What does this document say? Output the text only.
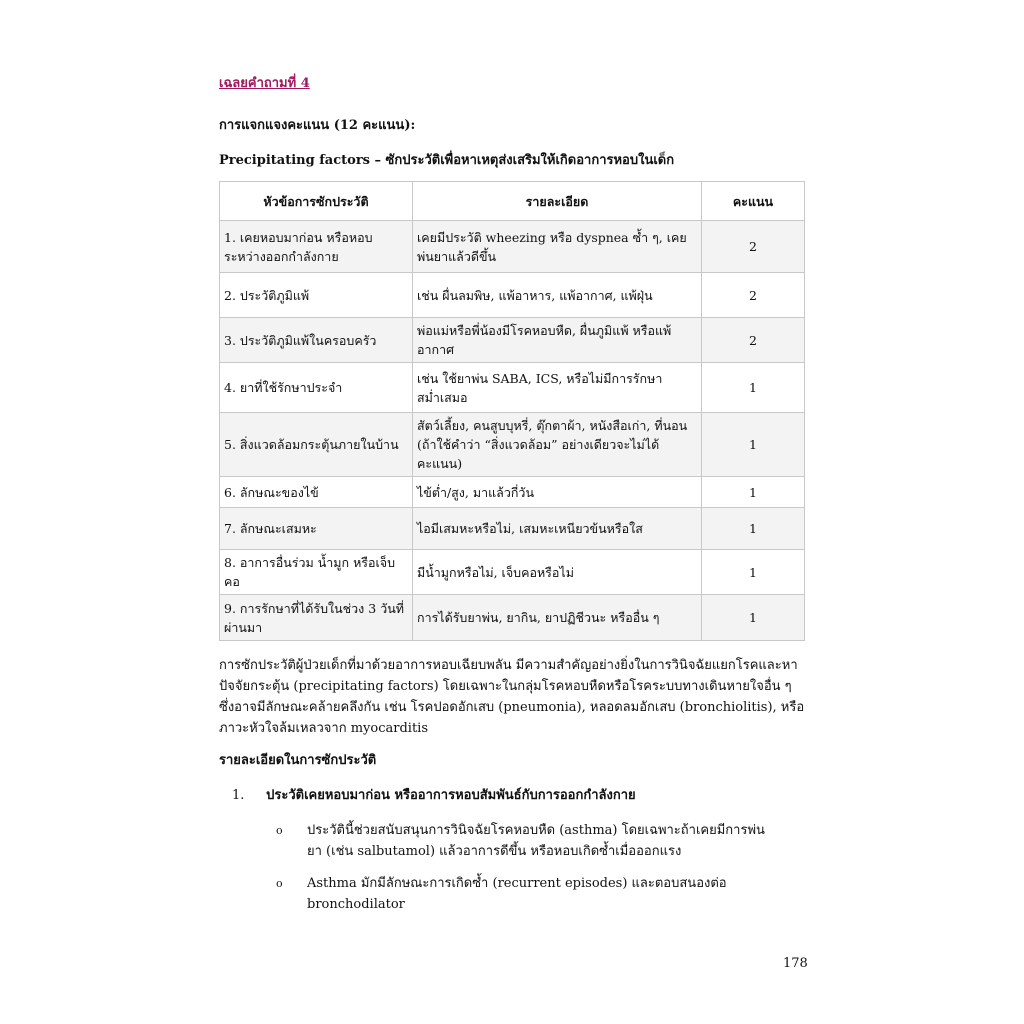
เฉลยคำถามที่ 4
การแจกแจงคะแนน (12 คะแนน):
Precipitating factors – ซักประวัติเพื่อหาเหตุส่งเสริมให้เกิดอาการหอบในเด็ก
หัวข้อการซักประวัติ	รายละเอียด	คะแนน
1. เคยหอบมาก่อน หรือหอบระหว่างออกกำลังกาย	เคยมีประวัติ wheezing หรือ dyspnea ซ้ำ ๆ, เคยพ่นยาแล้วดีขึ้น	2
2. ประวัติภูมิแพ้	เช่น ผื่นลมพิษ, แพ้อาหาร, แพ้อากาศ, แพ้ฝุ่น	2
3. ประวัติภูมิแพ้ในครอบครัว	พ่อแม่หรือพี่น้องมีโรคหอบหืด, ผื่นภูมิแพ้ หรือแพ้อากาศ	2
4. ยาที่ใช้รักษาประจำ	เช่น ใช้ยาพ่น SABA, ICS, หรือไม่มีการรักษาสม่ำเสมอ	1
5. สิ่งแวดล้อมกระตุ้นภายในบ้าน	สัตว์เลี้ยง, คนสูบบุหรี่, ตุ๊กตาผ้า, หนังสือเก่า, ที่นอน (ถ้าใช้คำว่า “สิ่งแวดล้อม” อย่างเดียวจะไม่ได้คะแนน)	1
6. ลักษณะของไข้	ไข้ต่ำ/สูง, มาแล้วกี่วัน	1
7. ลักษณะเสมหะ	ไอมีเสมหะหรือไม่, เสมหะเหนียวข้นหรือใส	1
8. อาการอื่นร่วม น้ำมูก หรือเจ็บคอ	มีน้ำมูกหรือไม่, เจ็บคอหรือไม่	1
9. การรักษาที่ได้รับในช่วง 3 วันที่ผ่านมา	การได้รับยาพ่น, ยากิน, ยาปฏิชีวนะ หรืออื่น ๆ	1
การซักประวัติผู้ป่วยเด็กที่มาด้วยอาการหอบเฉียบพลัน มีความสำคัญอย่างยิ่งในการวินิจฉัยแยกโรคและหาปัจจัยกระตุ้น (precipitating factors) โดยเฉพาะในกลุ่มโรคหอบหืดหรือโรคระบบทางเดินหายใจอื่น ๆ ซึ่งอาจมีลักษณะคล้ายคลึงกัน เช่น โรคปอดอักเสบ (pneumonia), หลอดลมอักเสบ (bronchiolitis), หรือภาวะหัวใจล้มเหลวจาก myocarditis
รายละเอียดในการซักประวัติ
1. ประวัติเคยหอบมาก่อน หรืออาการหอบสัมพันธ์กับการออกกำลังกาย
o ประวัตินี้ช่วยสนับสนุนการวินิจฉัยโรคหอบหืด (asthma) โดยเฉพาะถ้าเคยมีการพ่นยา (เช่น salbutamol) แล้วอาการดีขึ้น หรือหอบเกิดซ้ำเมื่อออกแรง
o Asthma มักมีลักษณะการเกิดซ้ำ (recurrent episodes) และตอบสนองต่อ bronchodilator
178
